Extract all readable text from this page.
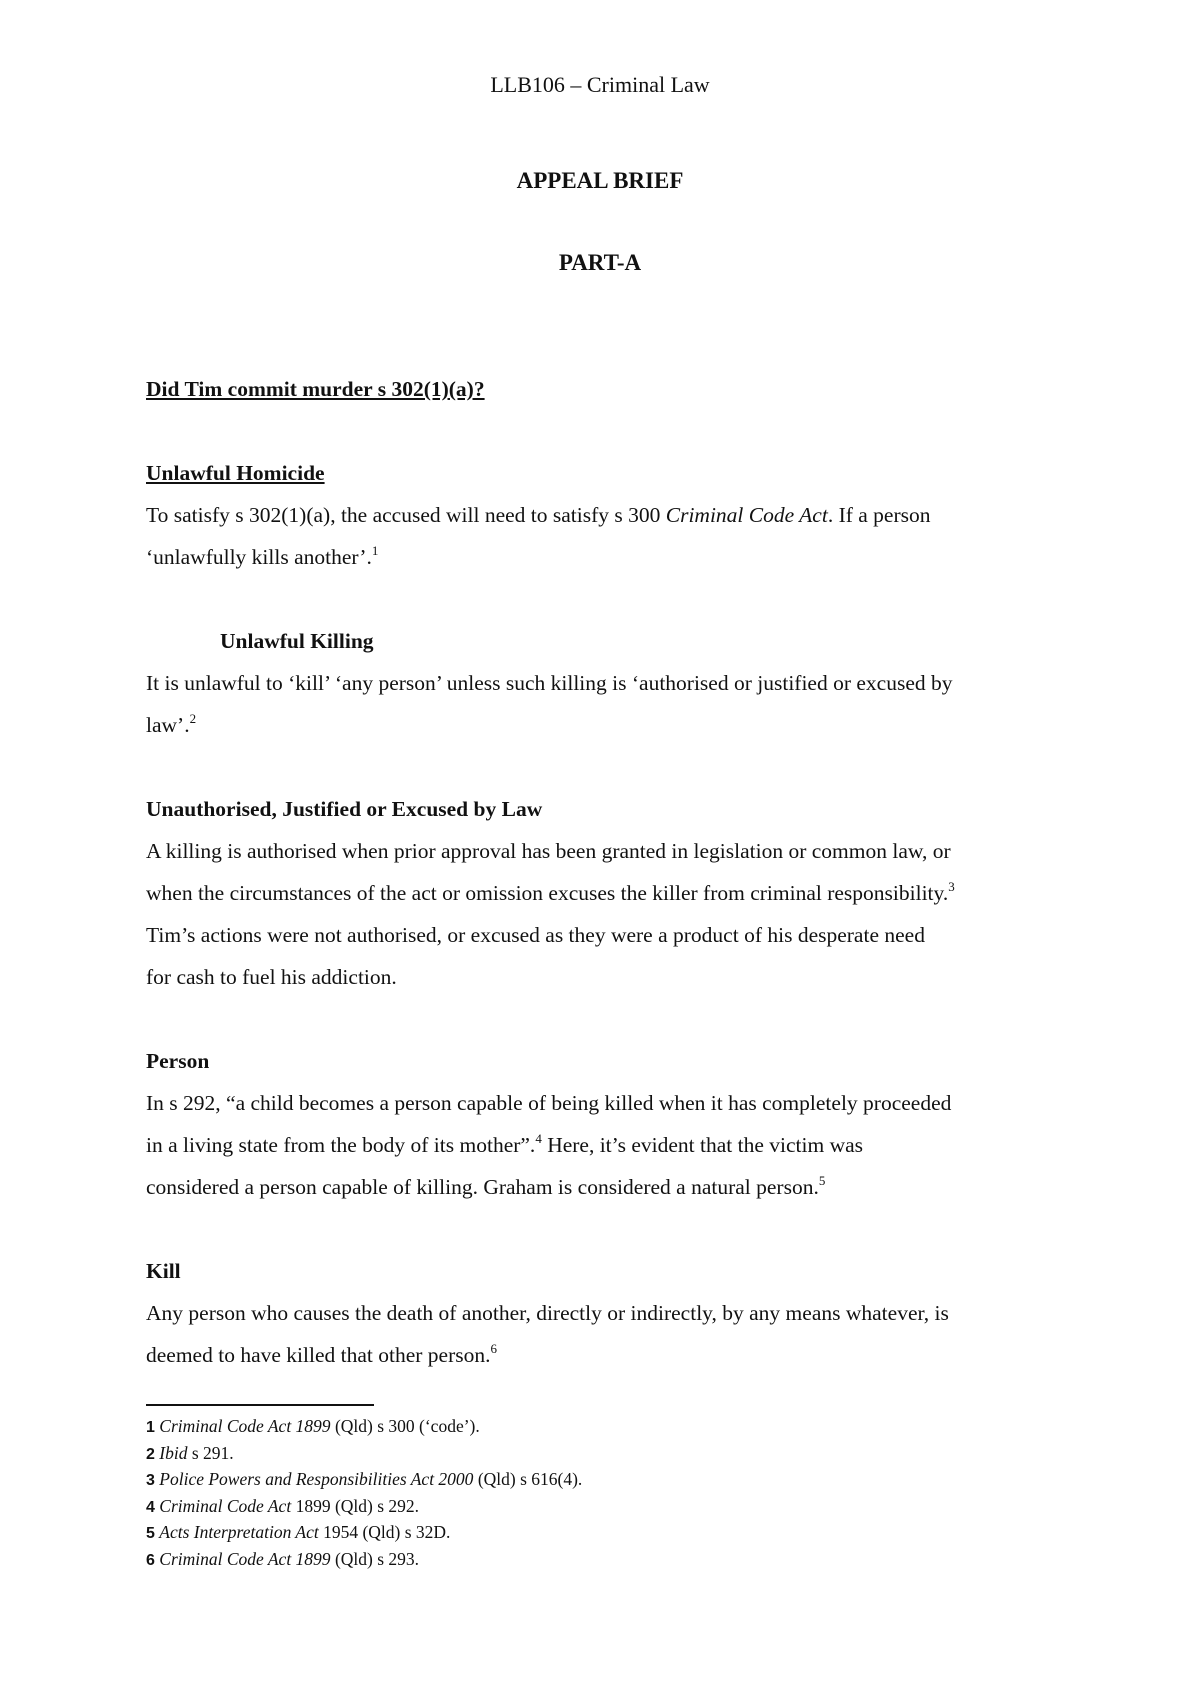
LLB106 – Criminal Law
APPEAL BRIEF
PART-A

Did Tim commit murder s 302(1)(a)?

Unlawful Homicide

To satisfy s 302(1)(a), the accused will need to satisfy s 300 Criminal Code Act. If a person

‘unlawfully kills another’.$^1$

Unlawful Killing

It is unlawful to ‘kill’ ‘any person’ unless such killing is ‘authorised or justified or excused by

law’.$^2$

Unauthorised, Justified or Excused by Law

A killing is authorised when prior approval has been granted in legislation or common law, or

when the circumstances of the act or omission excuses the killer from criminal responsibility.$^3$

Tim’s actions were not authorised, or excused as they were a product of his desperate need

for cash to fuel his addiction.

Person

In s 292, “a child becomes a person capable of being killed when it has completely proceeded

in a living state from the body of its mother”.$^4$ Here, it’s evident that the victim was

considered a person capable of killing. Graham is considered a natural person.$^5$

Kill

Any person who causes the death of another, directly or indirectly, by any means whatever, is

deemed to have killed that other person.$^6$

1 Criminal Code Act 1899 (Qld) s 300 (‘code’).

2 Ibid s 291.

3 Police Powers and Responsibilities Act 2000 (Qld) s 616(4).

4 Criminal Code Act 1899 (Qld) s 292.

5 Acts Interpretation Act 1954 (Qld) s 32D.

6 Criminal Code Act 1899 (Qld) s 293.
